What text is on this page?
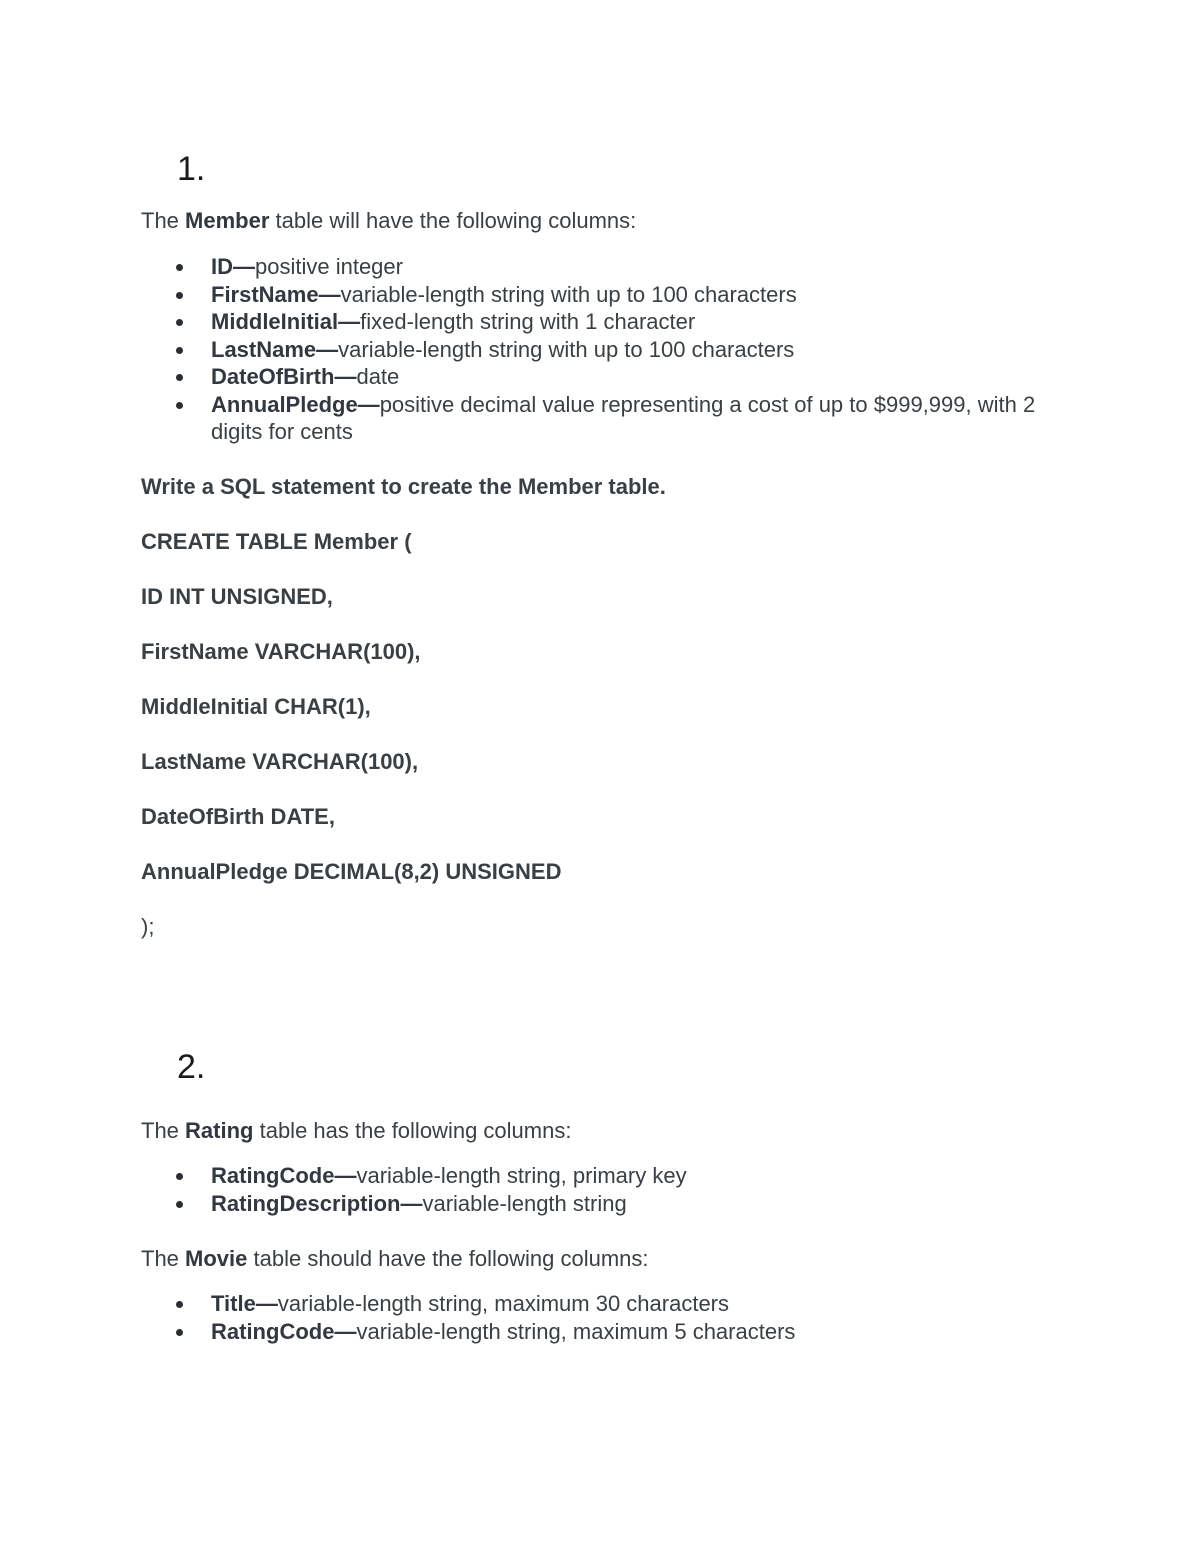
1.
The Member table will have the following columns:
ID—positive integer
FirstName—variable-length string with up to 100 characters
MiddleInitial—fixed-length string with 1 character
LastName—variable-length string with up to 100 characters
DateOfBirth—date
AnnualPledge—positive decimal value representing a cost of up to $999,999, with 2 digits for cents
Write a SQL statement to create the Member table.
CREATE TABLE Member (
ID INT UNSIGNED,
FirstName VARCHAR(100),
MiddleInitial CHAR(1),
LastName VARCHAR(100),
DateOfBirth DATE,
AnnualPledge DECIMAL(8,2) UNSIGNED
);
2.
The Rating table has the following columns:
RatingCode—variable-length string, primary key
RatingDescription—variable-length string
The Movie table should have the following columns:
Title—variable-length string, maximum 30 characters
RatingCode—variable-length string, maximum 5 characters
